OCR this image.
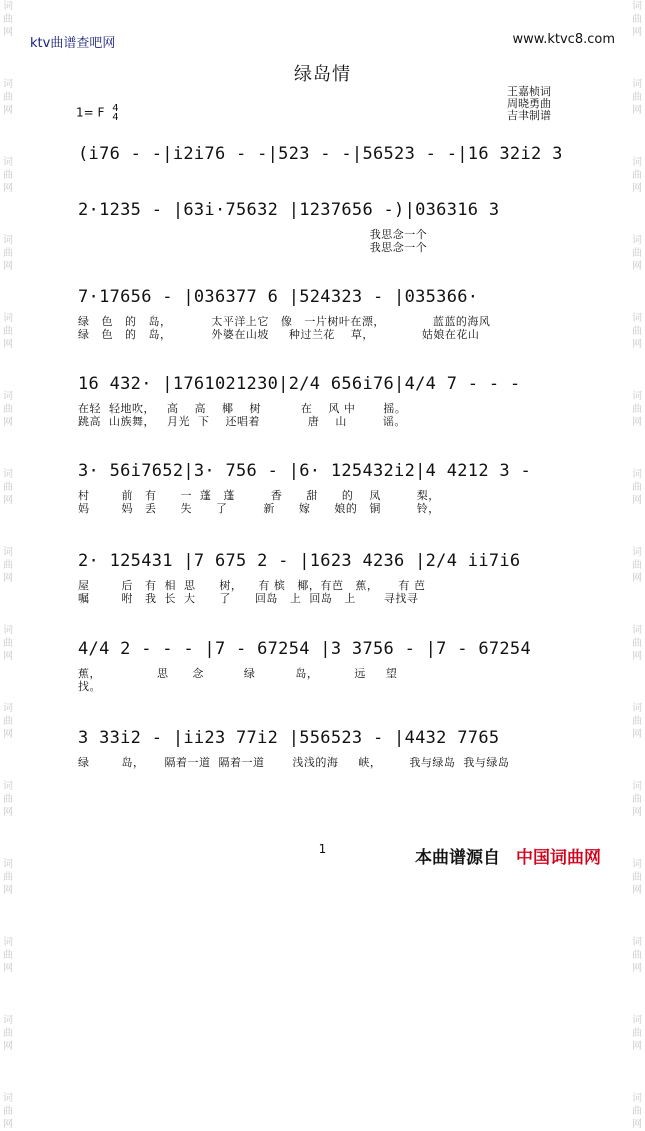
词曲网

词曲网

词曲网

词曲网

词曲网

词曲网

词曲网

词曲网

词曲网

词曲网

词曲网

词曲网

词曲网

词曲网

词曲网
词曲网

词曲网

词曲网

词曲网

词曲网

词曲网

词曲网

词曲网

词曲网

词曲网

词曲网

词曲网

词曲网

词曲网

词曲网
ktv曲谱查吧网	www.ktvc8.com
绿岛情
王嘉桢词
周晓勇曲
吉聿制谱
1= F 4
4
(i76 - -|i2i76 - -|523 - -|56523 - -|16 32i2 3
2·1235 - |63i·75632 |1237656 -)|036316 3
我思念一个
我思念一个
7·17656 - |036377 6 |524323 - |035366·
绿   色   的   岛，          太平洋上它   像   一片树叶在漂，            蓝蓝的海风
绿   色   的   岛，          外婆在山坡     种过兰花    草，            姑娘在花山
16 432· |1761021230|2/4 656i76|4/4 7 - - -
在轻  轻地吹，   高    高    椰    树          在    风 中       摇。
跳高  山族舞，   月光  下    还唱着            唐    山         谣。
3· 56i7652|3· 756 - |6· 125432i2|4 4212 3 -
村        前   有      一  蓬   蓬         香      甜      的    凤         梨，
妈        妈   丢      失      了         新      嫁      娘的   铜         铃，
2· 125431 |7 675 2 - |1623 4236 |2/4 ii7i6
屋        后   有  相  思      树，    有 槟   椰，有芭   蕉，     有 芭
嘱        咐   我  长  大      了      回岛   上  回岛   上       寻找寻
4/4 2 - - - |7 - 67254 |3 3756 - |7 - 67254
蕉，              思      念          绿          岛，         远     望
找。
3 33i2 - |ii23 77i2 |556523 - |4432 7765
绿        岛，     隔着一道  隔着一道       浅浅的海     峡，       我与绿岛  我与绿岛
1	本曲谱源自 中国词曲网
